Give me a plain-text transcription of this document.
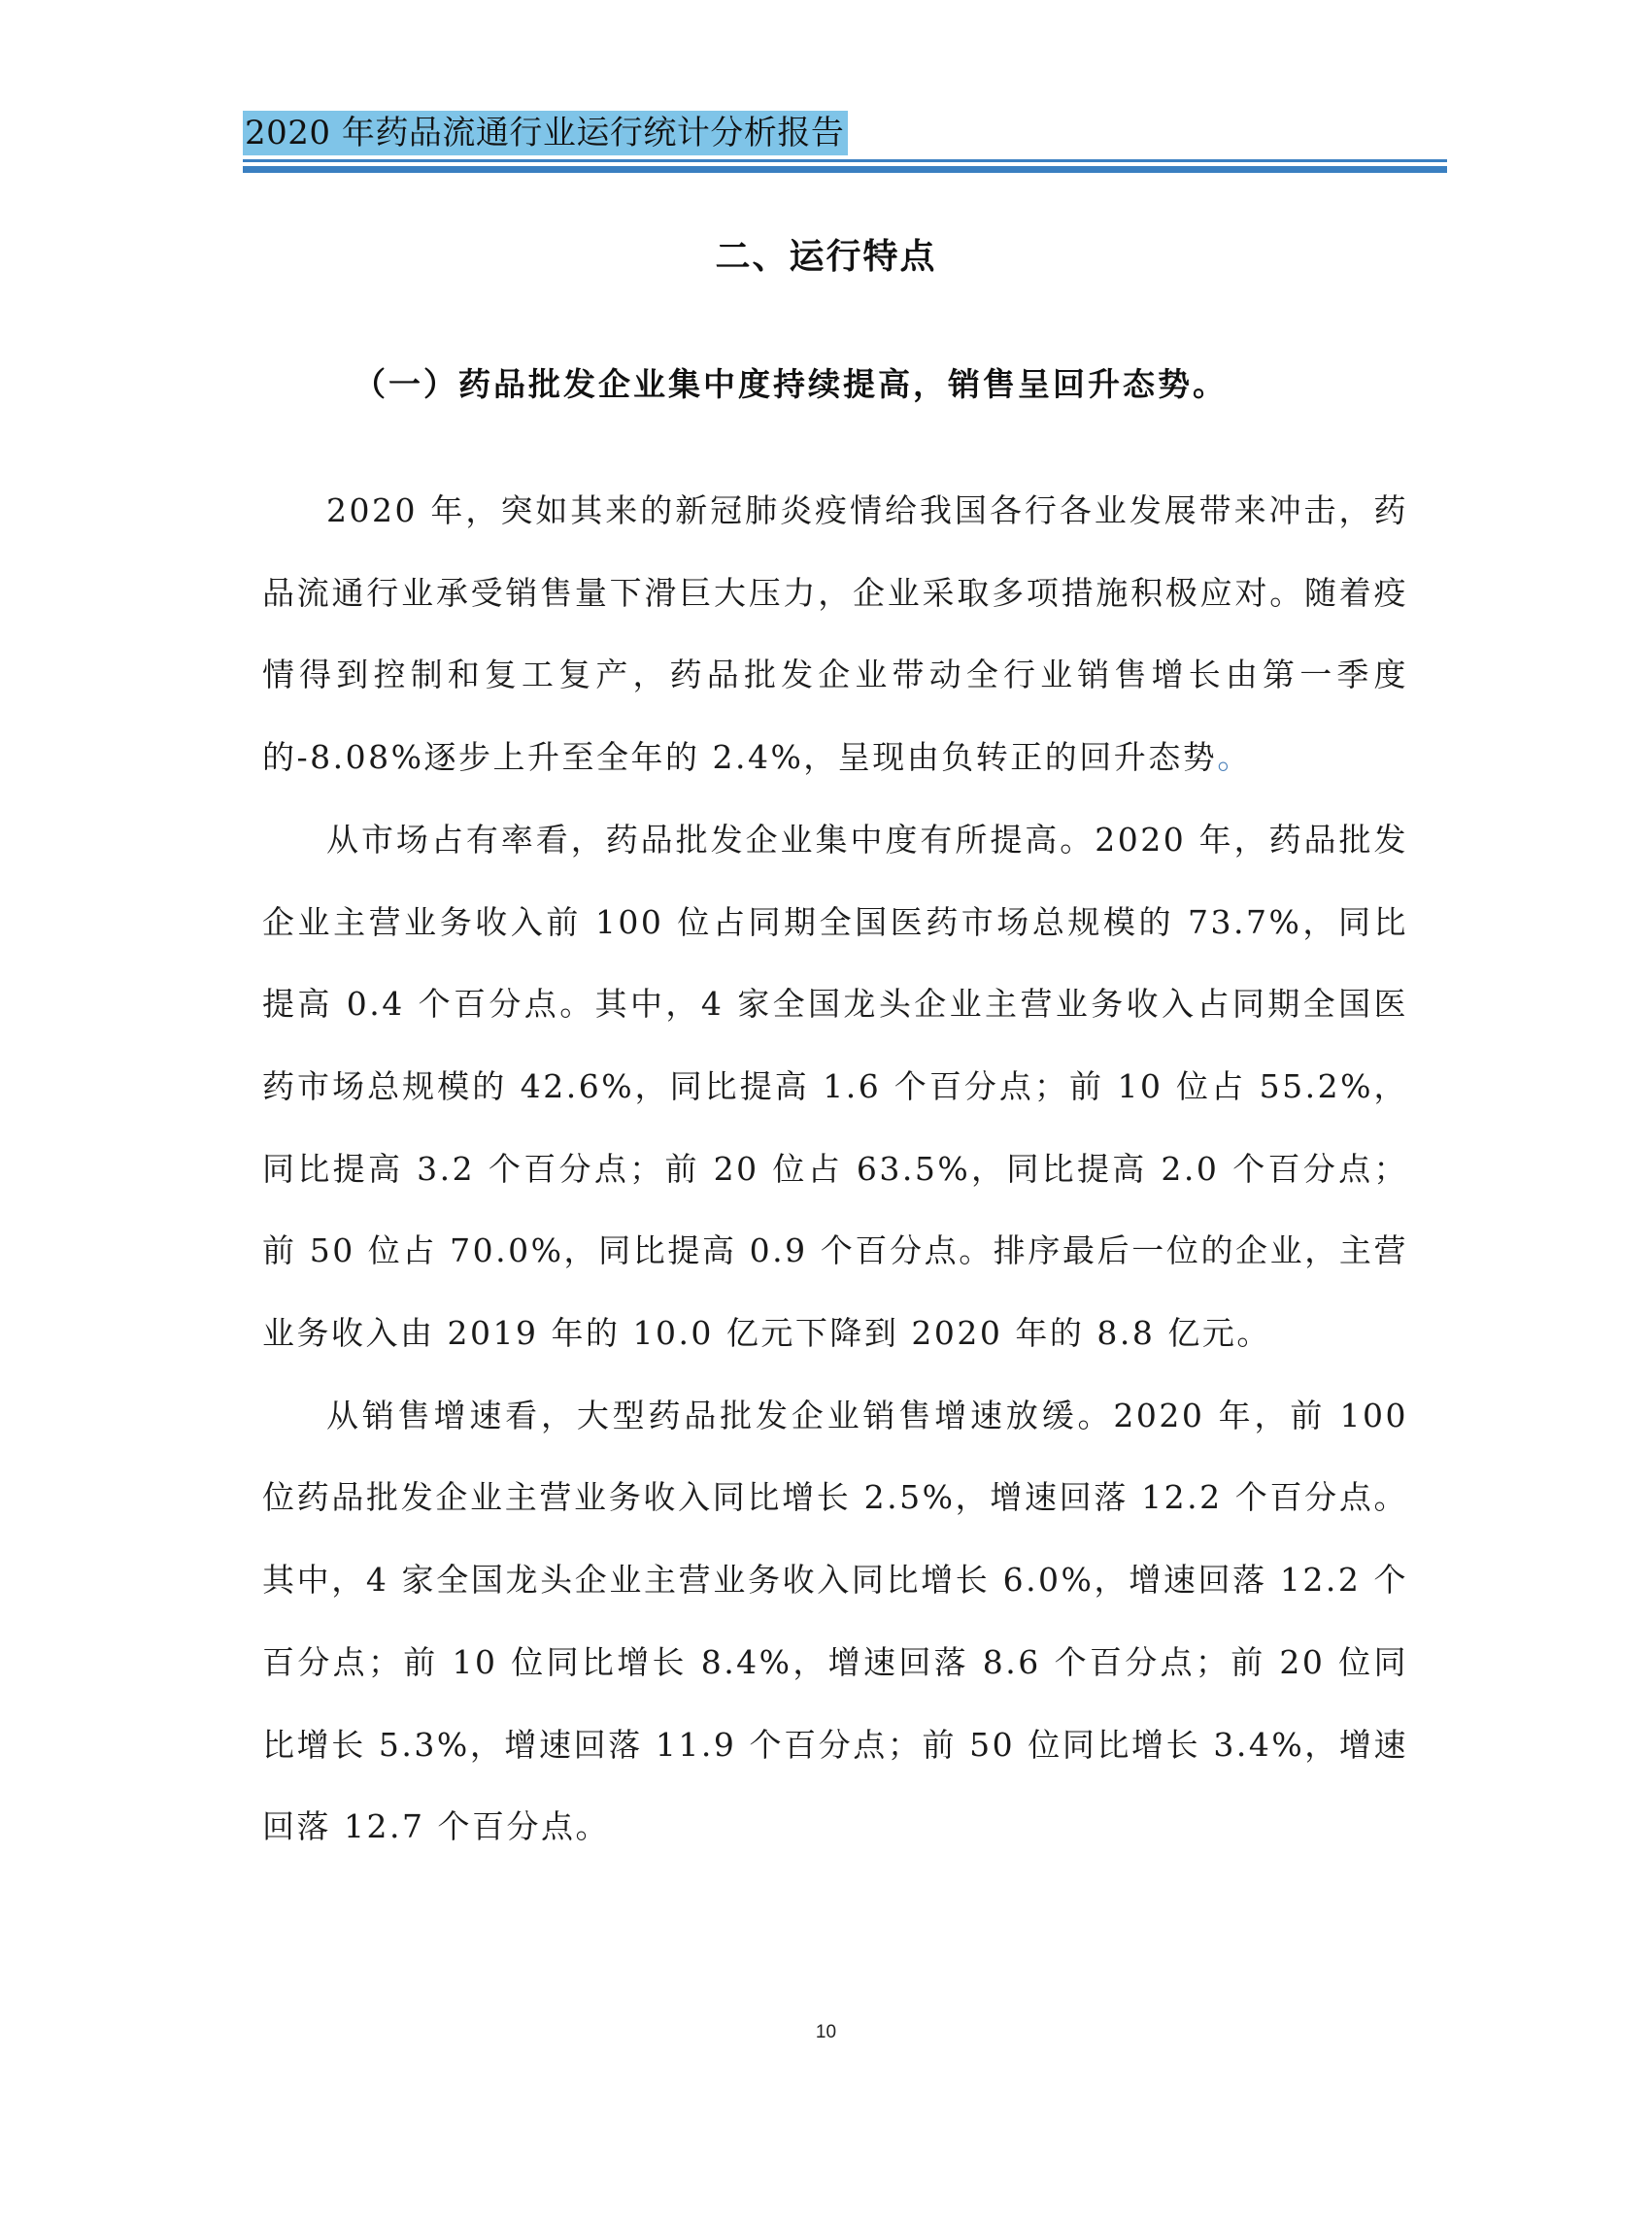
2020 年药品流通行业运行统计分析报告
二、运行特点
（一）药品批发企业集中度持续提高，销售呈回升态势。

2020 年，突如其来的新冠肺炎疫情给我国各行各业发展带来冲击，药品流通行业承受销售量下滑巨大压力，企业采取多项措施积极应对。随着疫情得到控制和复工复产，药品批发企业带动全行业销售增长由第一季度的-8.08%逐步上升至全年的 2.4%，呈现由负转正的回升态势。

从市场占有率看，药品批发企业集中度有所提高。2020 年，药品批发企业主营业务收入前 100 位占同期全国医药市场总规模的 73.7%，同比提高 0.4 个百分点。其中，4 家全国龙头企业主营业务收入占同期全国医药市场总规模的 42.6%，同比提高 1.6 个百分点；前 10 位占 55.2%，同比提高 3.2 个百分点；前 20 位占 63.5%，同比提高 2.0 个百分点；前 50 位占 70.0%，同比提高 0.9 个百分点。排序最后一位的企业，主营业务收入由 2019 年的 10.0 亿元下降到 2020 年的 8.8 亿元。

从销售增速看，大型药品批发企业销售增速放缓。2020 年，前 100 位药品批发企业主营业务收入同比增长 2.5%，增速回落 12.2 个百分点。其中，4 家全国龙头企业主营业务收入同比增长 6.0%，增速回落 12.2 个百分点；前 10 位同比增长 8.4%，增速回落 8.6 个百分点；前 20 位同比增长 5.3%，增速回落 11.9 个百分点；前 50 位同比增长 3.4%，增速回落 12.7 个百分点。

10
